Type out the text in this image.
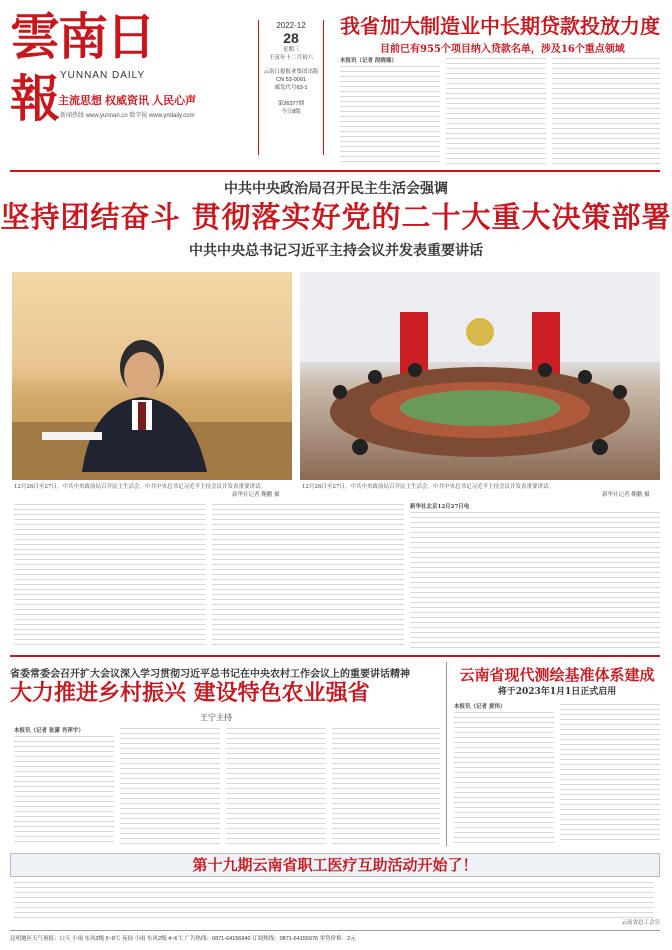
雲南日報 YUNNAN DAILY
主流思想 权威资讯 人民心声
新闻热线 www.yunnan.cn 数字报 www.yndaily.com
2022-12
28
星期三
壬寅年十二月初六
云南日报报业集团出版
CN 53-0001
邮发代号63-1
第26377期
今日8版
我省加大制造业中长期贷款投放力度
目前已有955个项目纳入贷款名单，涉及16个重点领域
本报讯（记者 段晓瑞）
中共中央政治局召开民主生活会强调
坚持团结奋斗 贯彻落实好党的二十大重大决策部署
中共中央总书记习近平主持会议并发表重要讲话
12月26日至27日，中共中央政治局召开民主生活会。中共中央总书记习近平主持会议并发表重要讲话。
新华社记者 鞠鹏 摄
12月26日至27日，中共中央政治局召开民主生活会。中共中央总书记习近平主持会议并发表重要讲话。
新华社记者 鞠鹏 摄
新华社北京12月27日电
省委常委会召开扩大会议深入学习贯彻习近平总书记在中央农村工作会议上的重要讲话精神
大力推进乡村振兴 建设特色农业强省
王宁主持
本报讯（记者 张潇 肖萍宇）
云南省现代测绘基准体系建成
将于2023年1月1日正式启用
本报讯（记者 黄伟）
第十九期云南省职工医疗互助活动开始了！
云南省总工会宣
昆明地区天气预报：白天 小雨 东风3级 5~8℃ 夜间 小雨 东风2级 4~6℃ 广告热线：0871-64156940 订阅热线：0871-64155976 零售价格：2元
